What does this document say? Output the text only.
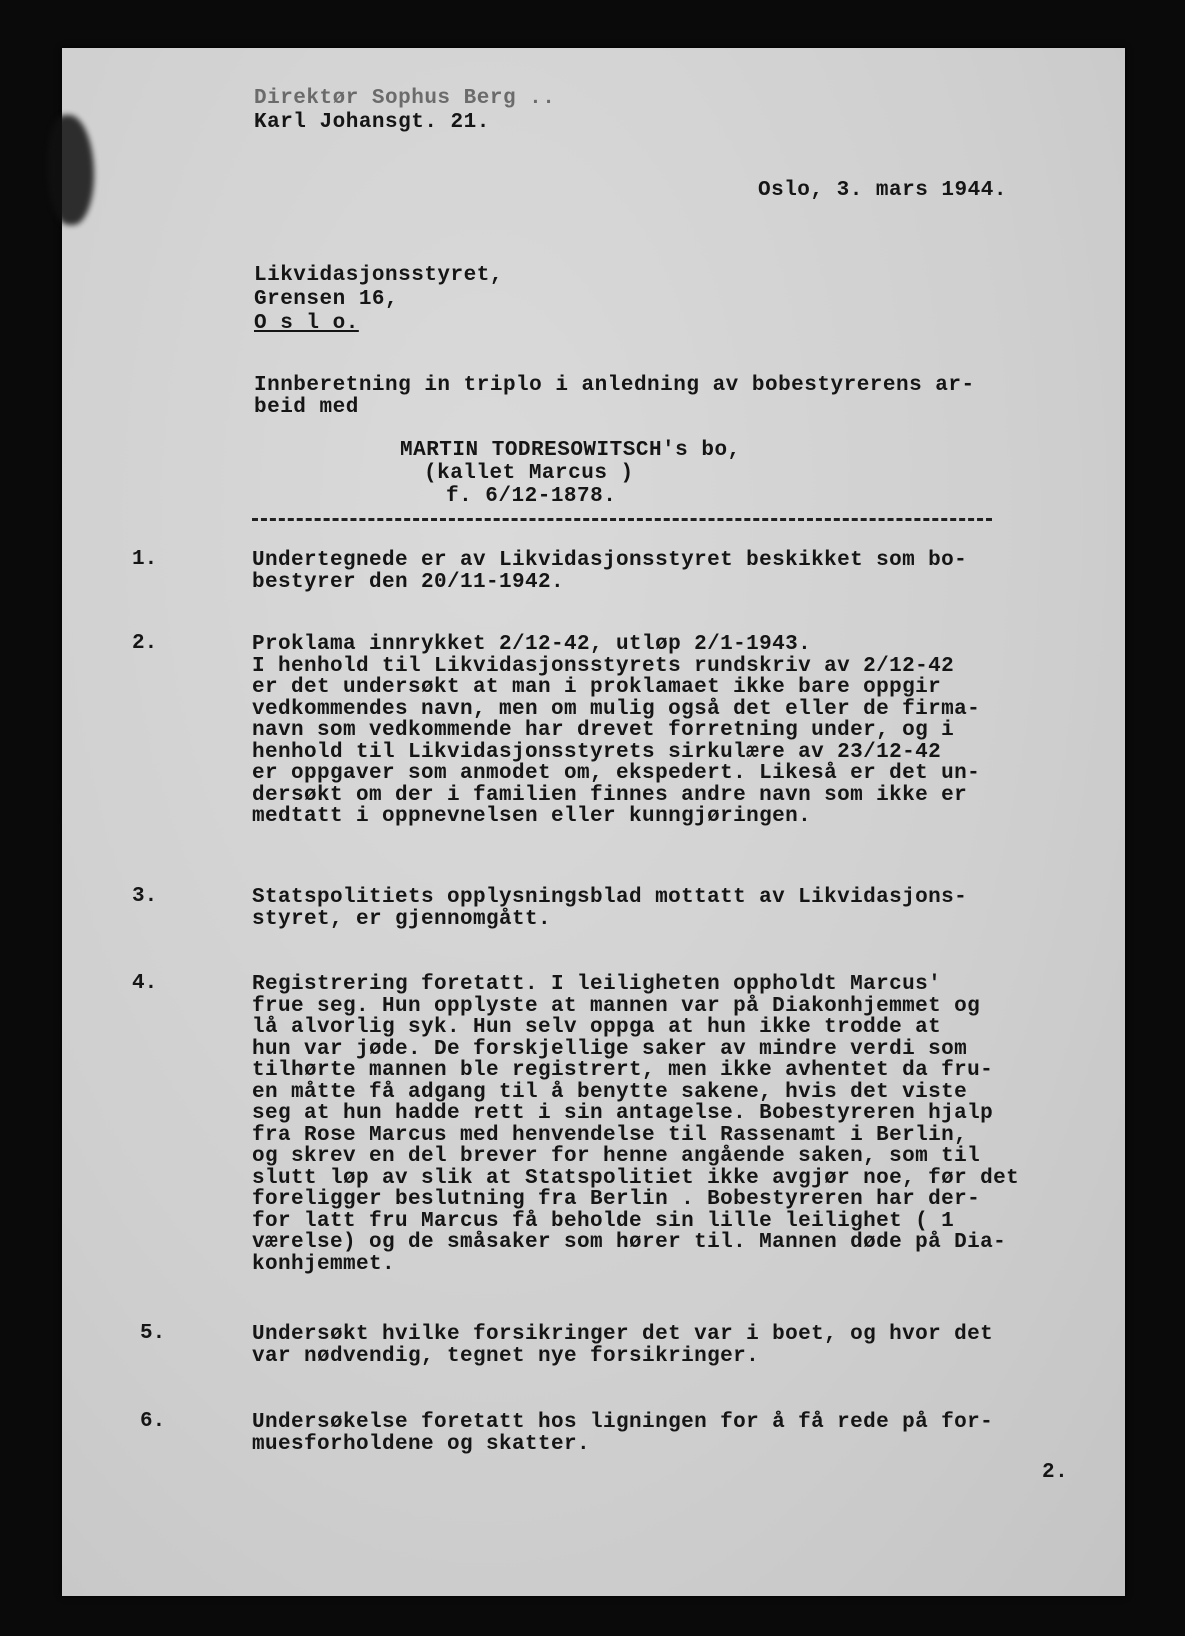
Direktør Sophus Berg ..
Karl Johansgt. 21.
Oslo, 3. mars 1944.
Likvidasjonsstyret,
Grensen 16,
O s l o.
Innberetning in triplo i anledning av bobestyrerens ar-
beid med
MARTIN TODRESOWITSCH's bo,
(kallet Marcus )
f. 6/12-1878.
1.	Undertegnede er av Likvidasjonsstyret beskikket som bo-
bestyrer den 20/11-1942.
2.	Proklama innrykket 2/12-42, utløp 2/1-1943.
I henhold til Likvidasjonsstyrets rundskriv av 2/12-42
er det undersøkt at man i proklamaet ikke bare oppgir
vedkommendes navn, men om mulig også det eller de firma-
navn som vedkommende har drevet forretning under, og i
henhold til Likvidasjonsstyrets sirkulære av 23/12-42
er oppgaver som anmodet om, ekspedert. Likeså er det un-
dersøkt om der i familien finnes andre navn som ikke er
medtatt i oppnevnelsen eller kunngjøringen.
3.	Statspolitiets opplysningsblad mottatt av Likvidasjons-
styret, er gjennomgått.
4.	Registrering foretatt. I leiligheten oppholdt Marcus'
frue seg. Hun opplyste at mannen var på Diakonhjemmet og
lå alvorlig syk. Hun selv oppga at hun ikke trodde at
hun var jøde. De forskjellige saker av mindre verdi som
tilhørte mannen ble registrert, men ikke avhentet da fru-
en måtte få adgang til å benytte sakene, hvis det viste
seg at hun hadde rett i sin antagelse. Bobestyreren hjalp
fra Rose Marcus med henvendelse til Rassenamt i Berlin,
og skrev en del brever for henne angående saken, som til
slutt løp av slik at Statspolitiet ikke avgjør noe, før det
foreligger beslutning fra Berlin . Bobestyreren har der-
for latt fru Marcus få beholde sin lille leilighet ( 1
værelse) og de småsaker som hører til. Mannen døde på Dia-
konhjemmet.
5.	Undersøkt hvilke forsikringer det var i boet, og hvor det
var nødvendig, tegnet nye forsikringer.
6.	Undersøkelse foretatt hos ligningen for å få rede på for-
muesforholdene og skatter.
2.
